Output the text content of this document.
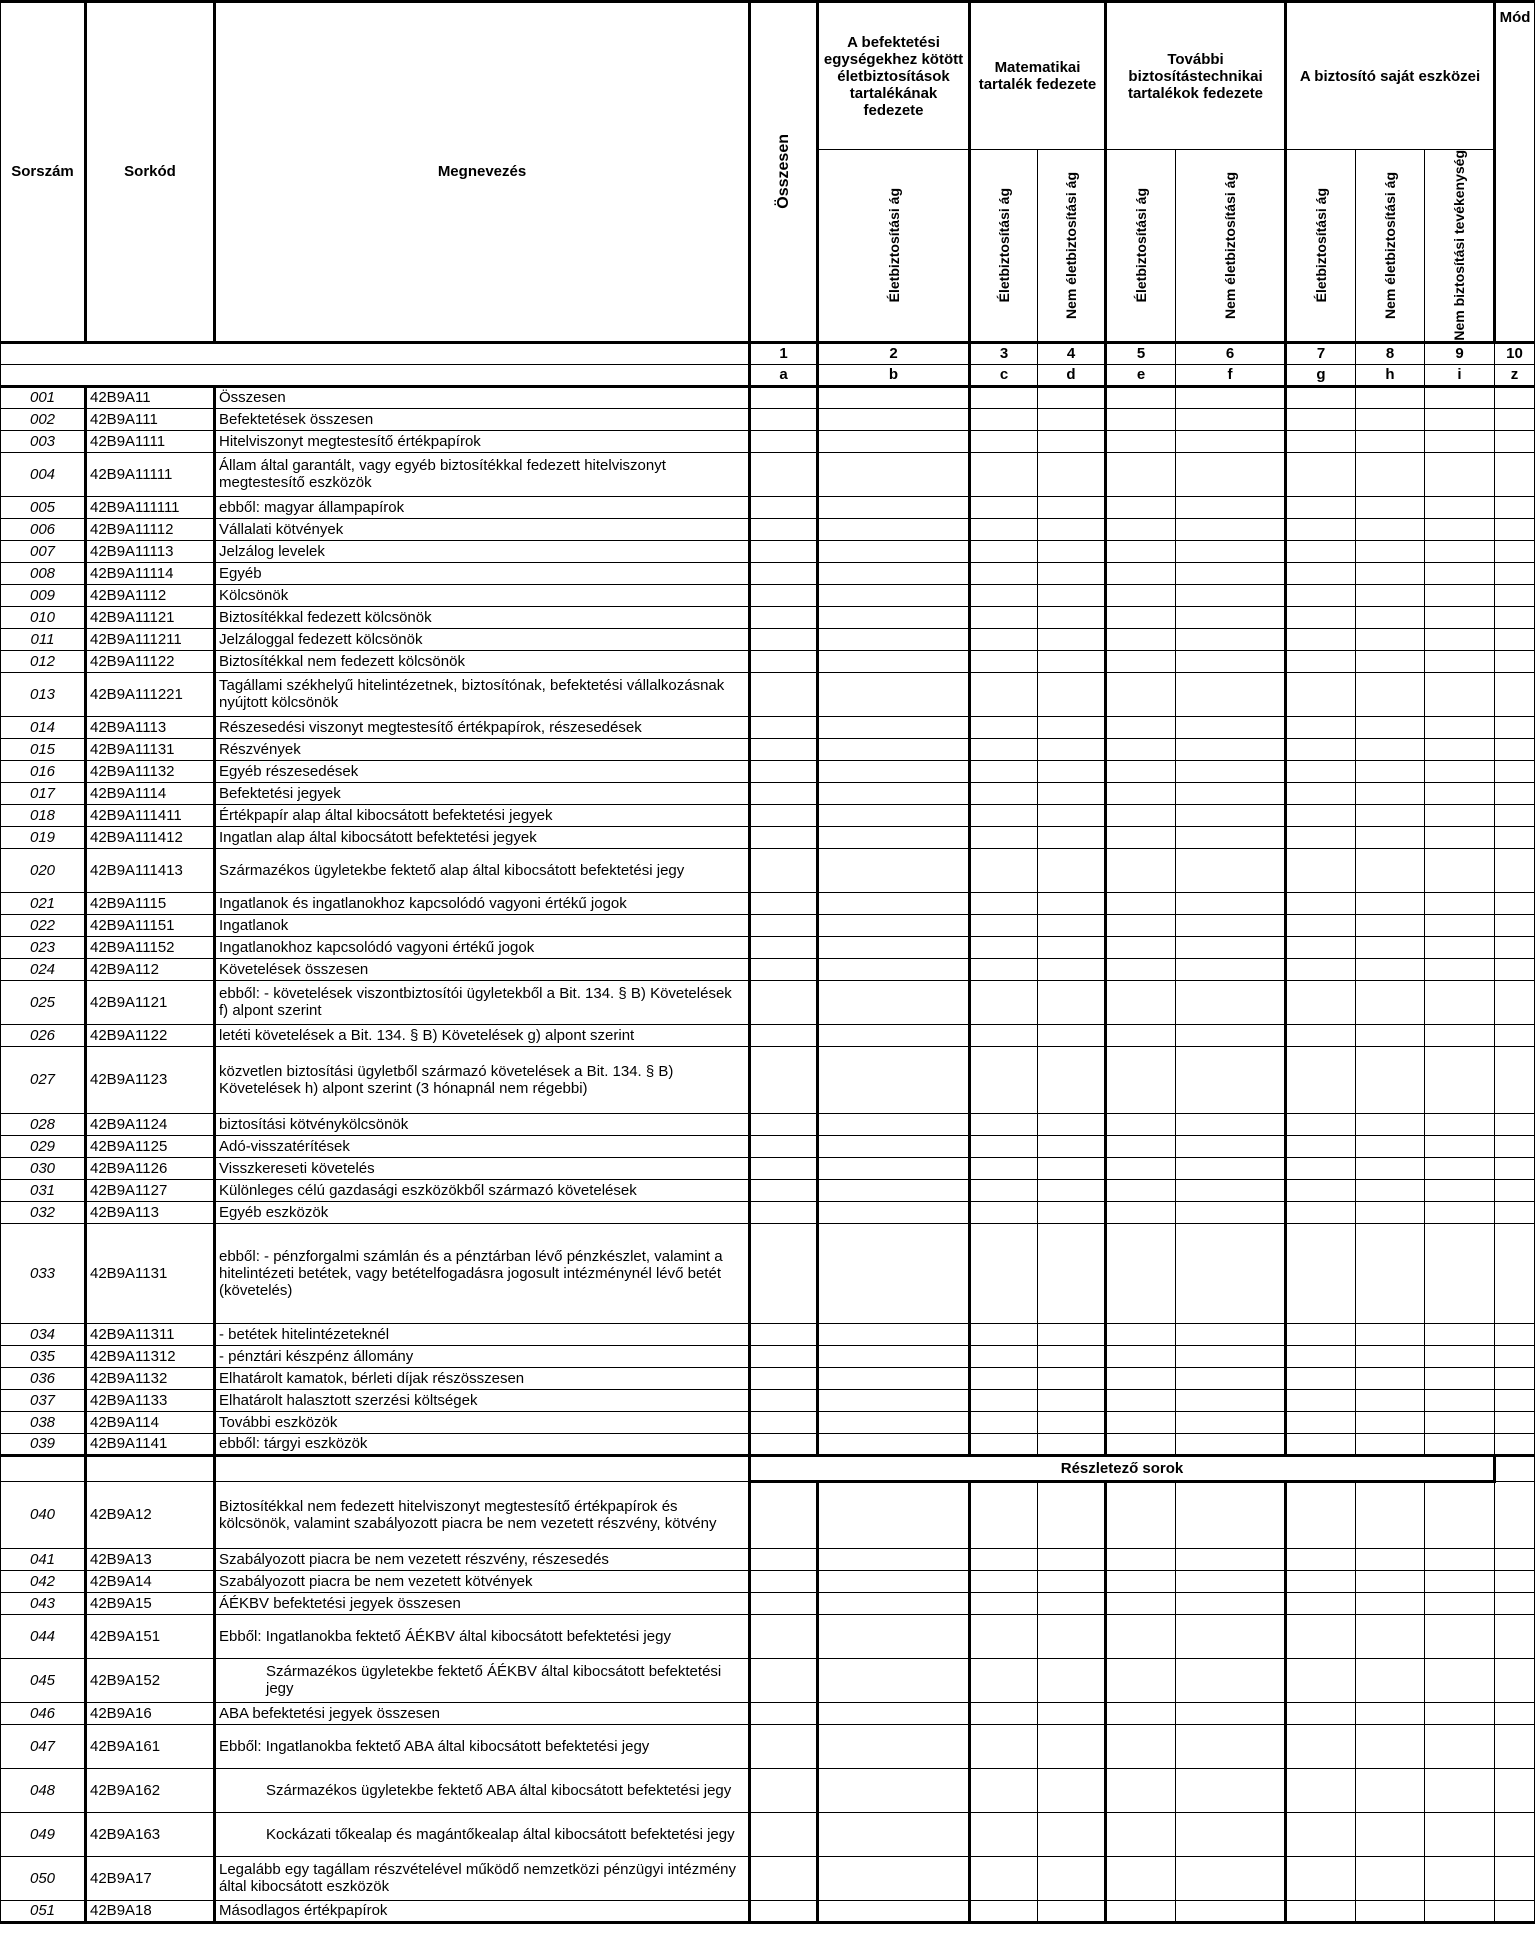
Sorszám	Sorkód	Megnevezés	Összesen	A befektetési egységekhez kötött életbiztosítások tartalékának fedezete	Matematikai tartalék fedezete		További biztosítástechnikai tartalékok fedezete		A biztosító saját eszközei			Mód

				Életbiztosítási ág	Életbiztosítási ág	Nem életbiztosítási ág	Életbiztosítási ág	Nem életbiztosítási ág	Életbiztosítási ág	Nem életbiztosítási ág	Nem biztosítási tevékenység	

			1	2	3	4	5	6	7	8	9	10
			a	b	c	d	e	f	g	h	i	z
001	42B9A11	Összesen										
002	42B9A111	Befektetések összesen										
003	42B9A1111	Hitelviszonyt megtestesítő értékpapírok										
004	42B9A11111	Állam által garantált, vagy egyéb biztosítékkal fedezett hitelviszonyt megtestesítő eszközök										
005	42B9A111111	ebből: magyar állampapírok										
006	42B9A11112	Vállalati kötvények										
007	42B9A11113	Jelzálog levelek										
008	42B9A11114	Egyéb										
009	42B9A1112	Kölcsönök										
010	42B9A11121	Biztosítékkal fedezett kölcsönök										
011	42B9A111211	Jelzáloggal fedezett kölcsönök										
012	42B9A11122	Biztosítékkal nem fedezett kölcsönök										
013	42B9A111221	Tagállami székhelyű hitelintézetnek, biztosítónak, befektetési vállalkozásnak nyújtott kölcsönök										
014	42B9A1113	Részesedési viszonyt megtestesítő értékpapírok, részesedések										
015	42B9A11131	Részvények										
016	42B9A11132	Egyéb részesedések										
017	42B9A1114	Befektetési jegyek										
018	42B9A111411	Értékpapír alap által kibocsátott befektetési jegyek										
019	42B9A111412	Ingatlan alap által kibocsátott befektetési jegyek										
020	42B9A111413	Származékos ügyletekbe fektető alap által kibocsátott befektetési jegy										
021	42B9A1115	Ingatlanok és ingatlanokhoz kapcsolódó vagyoni értékű jogok										
022	42B9A11151	Ingatlanok										
023	42B9A11152	Ingatlanokhoz kapcsolódó vagyoni értékű jogok										
024	42B9A112	Követelések összesen										
025	42B9A1121	ebből: - követelések viszontbiztosítói ügyletekből a Bit. 134. § B) Követelések f) alpont szerint										
026	42B9A1122	letéti követelések a Bit. 134. § B) Követelések g) alpont szerint										
027	42B9A1123	közvetlen biztosítási ügyletből származó követelések a Bit. 134. § B) Követelések h) alpont szerint (3 hónapnál nem régebbi)										
028	42B9A1124	biztosítási kötvénykölcsönök										
029	42B9A1125	Adó-visszatérítések										
030	42B9A1126	Visszkereseti követelés										
031	42B9A1127	Különleges célú gazdasági eszközökből származó követelések										
032	42B9A113	Egyéb eszközök										
033	42B9A1131	ebből: - pénzforgalmi számlán és a pénztárban lévő pénzkészlet, valamint a hitelintézeti betétek, vagy betételfogadásra jogosult intézménynél lévő betét (követelés)										
034	42B9A11311	- betétek hitelintézeteknél										
035	42B9A11312	- pénztári készpénz állomány										
036	42B9A1132	Elhatárolt kamatok, bérleti díjak részösszesen										
037	42B9A1133	Elhatárolt halasztott szerzési költségek										
038	42B9A114	További eszközök										
039	42B9A1141	ebből: tárgyi eszközök										
			Részletező sorok									
040	42B9A12	Biztosítékkal nem fedezett hitelviszonyt megtestesítő értékpapírok és kölcsönök, valamint szabályozott piacra be nem vezetett részvény, kötvény										
041	42B9A13	Szabályozott piacra be nem vezetett részvény, részesedés										
042	42B9A14	Szabályozott piacra be nem vezetett kötvények										
043	42B9A15	ÁÉKBV befektetési jegyek összesen										
044	42B9A151	Ebből: Ingatlanokba fektető ÁÉKBV által kibocsátott befektetési jegy										
045	42B9A152	Származékos ügyletekbe fektető ÁÉKBV által kibocsátott befektetési jegy										
046	42B9A16	ABA befektetési jegyek összesen										
047	42B9A161	Ebből: Ingatlanokba fektető ABA által kibocsátott befektetési jegy										
048	42B9A162	Származékos ügyletekbe fektető ABA által kibocsátott befektetési jegy										
049	42B9A163	Kockázati tőkealap és magántőkealap által kibocsátott befektetési jegy										
050	42B9A17	Legalább egy tagállam részvételével működő nemzetközi pénzügyi intézmény által kibocsátott eszközök										
051	42B9A18	Másodlagos értékpapírok										
